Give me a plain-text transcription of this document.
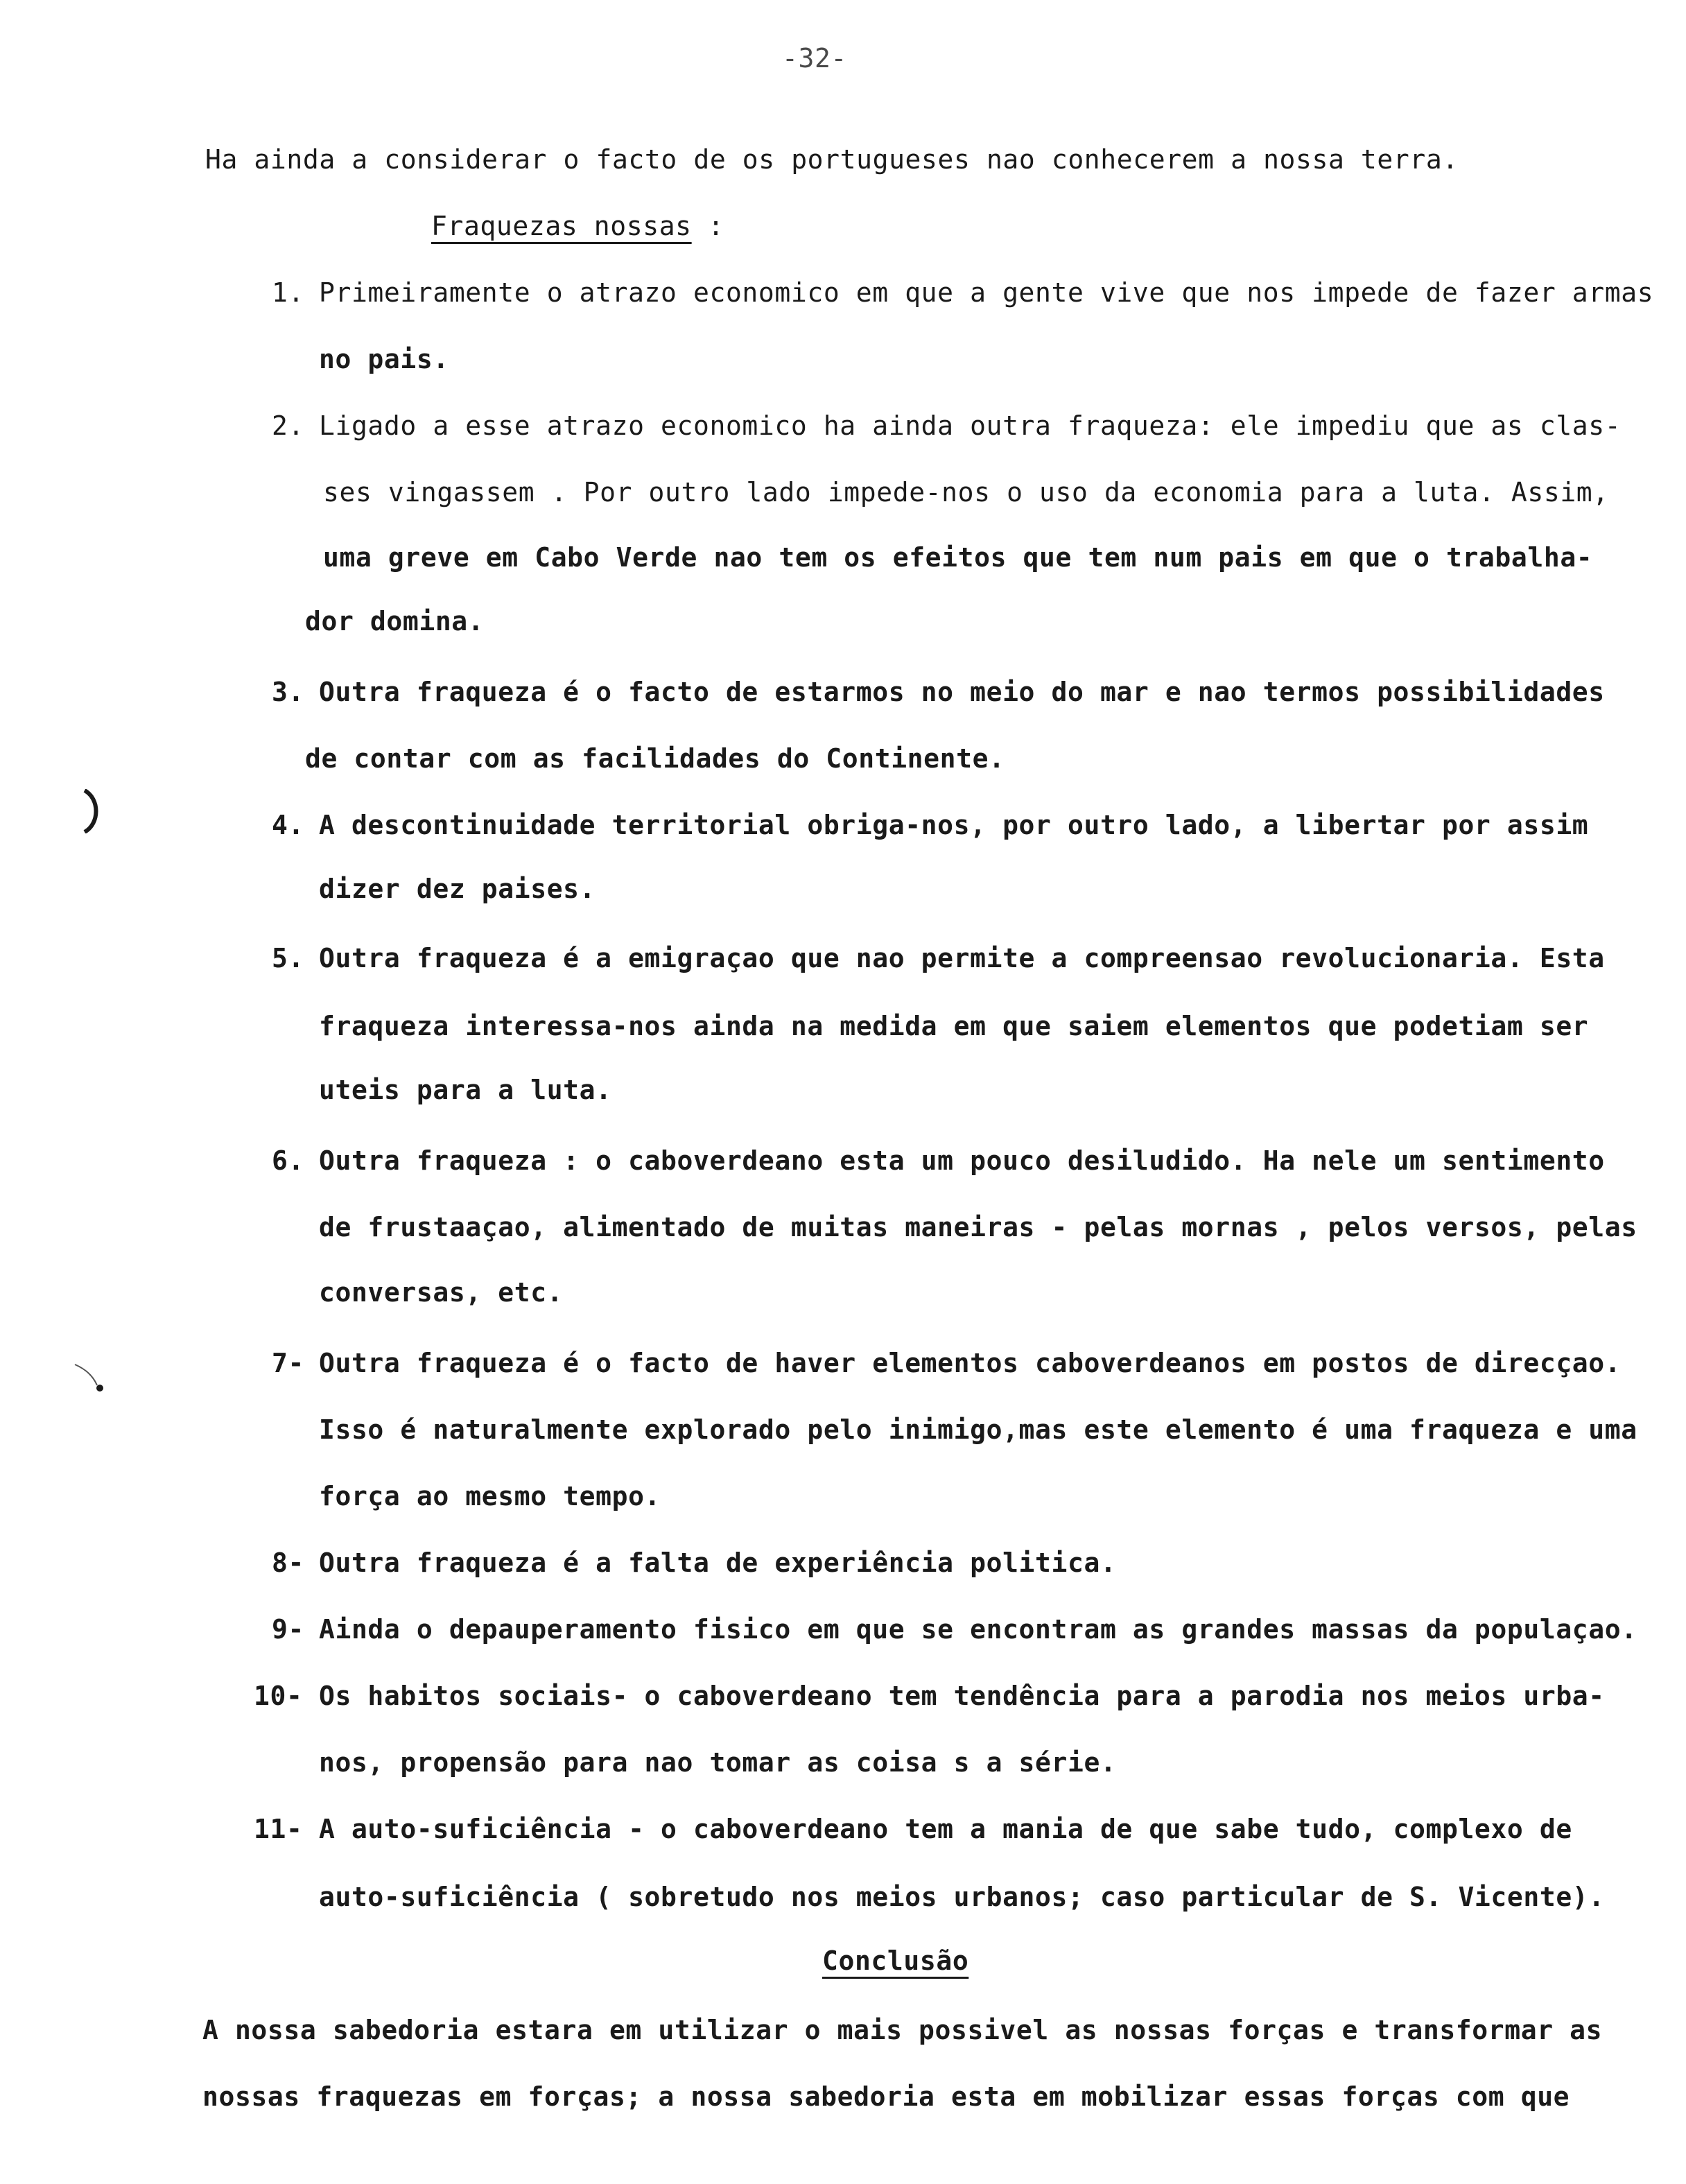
-32-
Ha ainda a considerar o facto de os portugueses nao conhecerem a nossa terra.
Fraquezas nossas :
1. Primeiramente o atrazo economico em que a gente vive que nos impede de fazer armas
no pais.
2. Ligado a esse atrazo economico ha ainda outra fraqueza: ele impediu que as clas-
ses vingassem . Por outro lado impede-nos o uso da economia para a luta. Assim,
uma greve em Cabo Verde nao tem os efeitos que tem num pais em que o trabalha-
dor domina.
3. Outra fraqueza é o facto de estarmos no meio do mar e nao termos possibilidades
de contar com as facilidades do Continente.
4. A descontinuidade territorial obriga-nos, por outro lado, a libertar por assim
dizer dez paises.
5. Outra fraqueza é a emigraçao que nao permite a compreensao revolucionaria. Esta
fraqueza interessa-nos ainda na medida em que saiem elementos que podetiam ser
uteis para a luta.
6. Outra fraqueza : o caboverdeano esta um pouco desiludido. Ha nele um sentimento
de frustaaçao, alimentado de muitas maneiras - pelas mornas , pelos versos, pelas
conversas, etc.
7- Outra fraqueza é o facto de haver elementos caboverdeanos em postos de direcçao.
Isso é naturalmente explorado pelo inimigo,mas este elemento é uma fraqueza e uma
força ao mesmo tempo.
8- Outra fraqueza é a falta de experiência politica.
9- Ainda o depauperamento fisico em que se encontram as grandes massas da populaçao.
10- Os habitos sociais- o caboverdeano tem tendência para a parodia nos meios urba-
nos, propensão para nao tomar as coisa s a série.
11- A auto-suficiência - o caboverdeano tem a mania de que sabe tudo, complexo de
auto-suficiência ( sobretudo nos meios urbanos; caso particular de S. Vicente).
Conclusão
A nossa sabedoria estara em utilizar o mais possivel as nossas forças e transformar as
nossas fraquezas em forças; a nossa sabedoria esta em mobilizar essas forças com que
